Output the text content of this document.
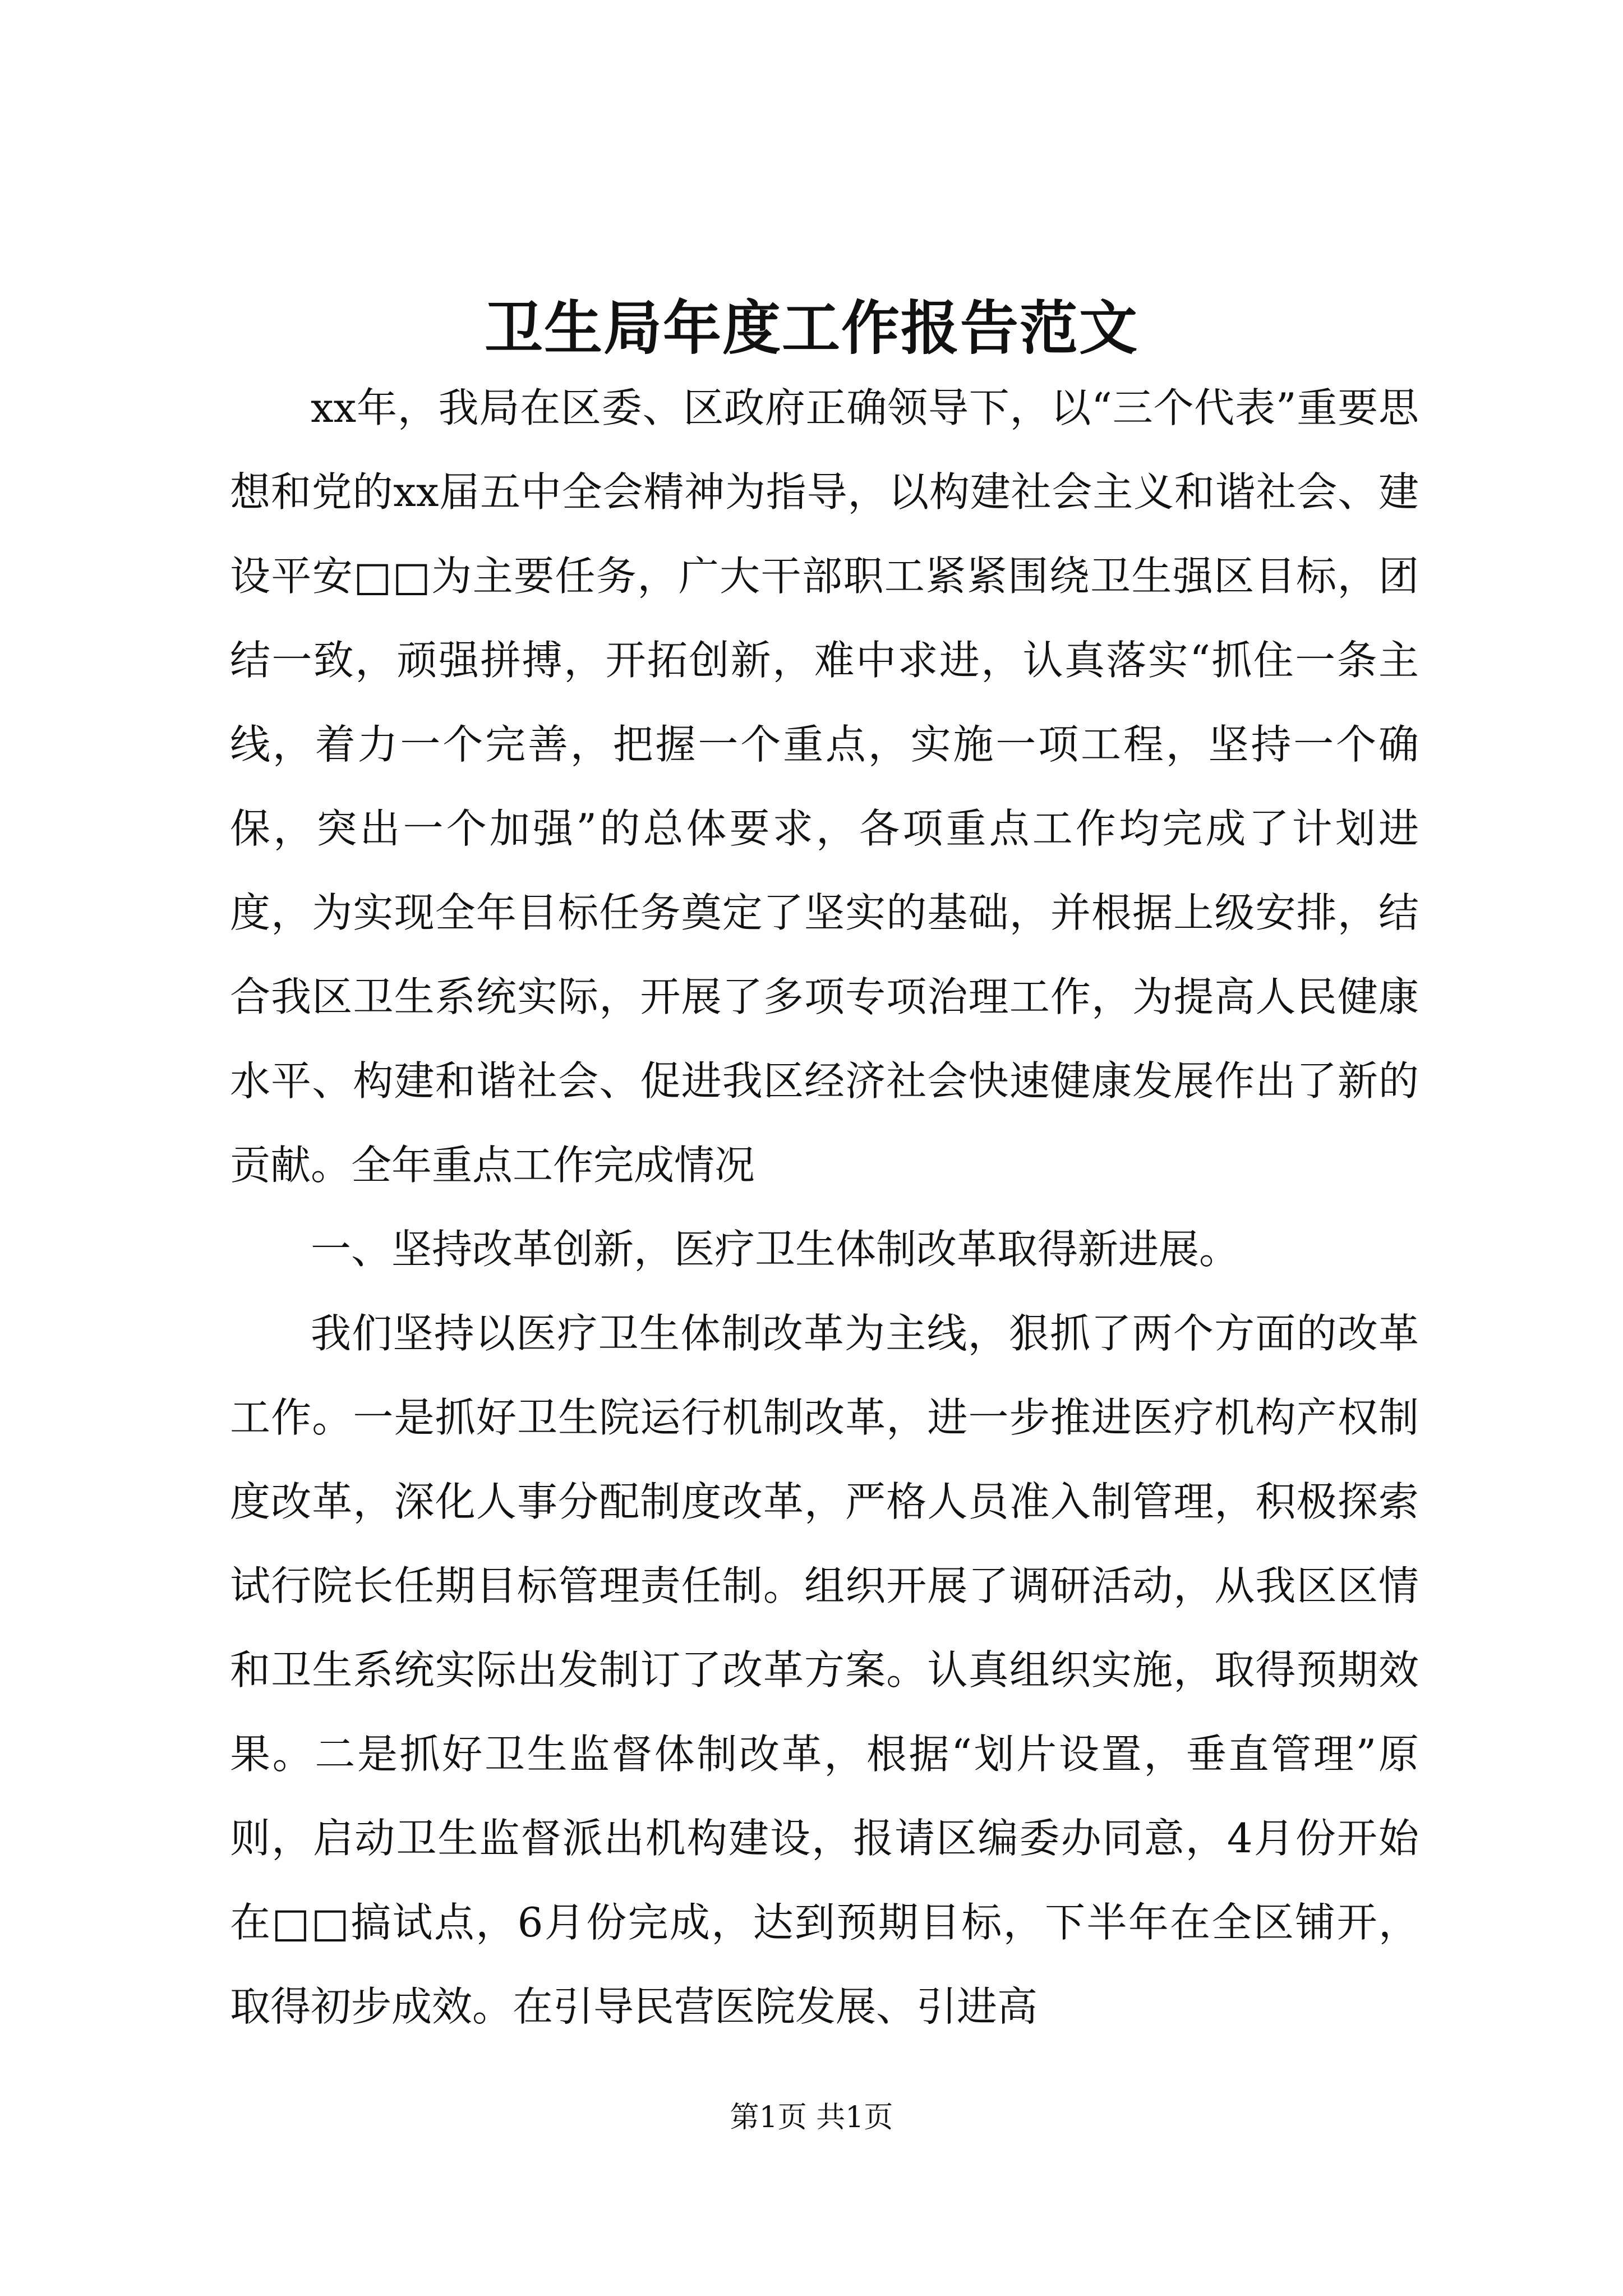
卫生局年度工作报告范文

xx年，我局在区委、区政府正确领导下，以“三个代表”重要思想和党的xx届五中全会精神为指导，以构建社会主义和谐社会、建设平安□□为主要任务，广大干部职工紧紧围绕卫生强区目标，团结一致，顽强拼搏，开拓创新，难中求进，认真落实“抓住一条主线，着力一个完善，把握一个重点，实施一项工程，坚持一个确保，突出一个加强”的总体要求，各项重点工作均完成了计划进度，为实现全年目标任务奠定了坚实的基础，并根据上级安排，结合我区卫生系统实际，开展了多项专项治理工作，为提高人民健康水平、构建和谐社会、促进我区经济社会快速健康发展作出了新的贡献。全年重点工作完成情况

一、坚持改革创新，医疗卫生体制改革取得新进展。

我们坚持以医疗卫生体制改革为主线，狠抓了两个方面的改革工作。一是抓好卫生院运行机制改革，进一步推进医疗机构产权制度改革，深化人事分配制度改革，严格人员准入制管理，积极探索试行院长任期目标管理责任制。组织开展了调研活动，从我区区情和卫生系统实际出发制订了改革方案。认真组织实施，取得预期效果。二是抓好卫生监督体制改革，根据“划片设置，垂直管理”原则，启动卫生监督派出机构建设，报请区编委办同意，4月份开始在□□搞试点，6月份完成，达到预期目标，下半年在全区铺开，取得初步成效。在引导民营医院发展、引进高

第1页 共1页
